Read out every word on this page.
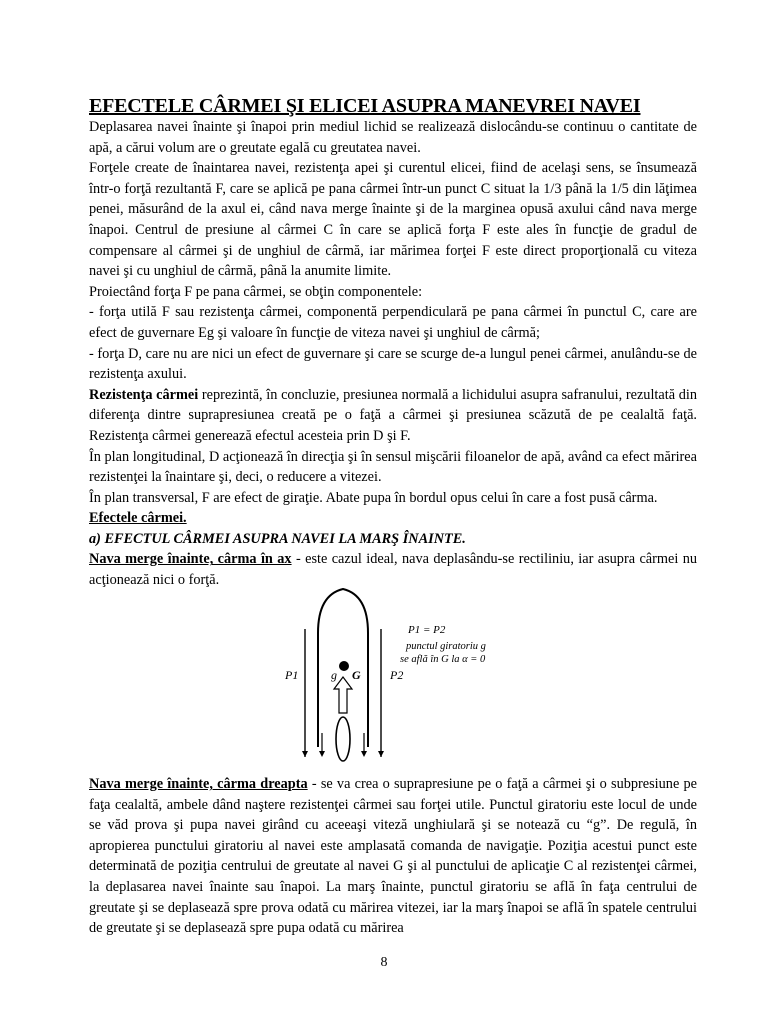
EFECTELE CÂRMEI ŞI ELICEI ASUPRA MANEVREI NAVEI

Deplasarea navei înainte şi înapoi prin mediul lichid se realizează dislocându-se continuu o cantitate de apă, a cărui volum are o greutate egală cu greutatea navei.

Forţele create de înaintarea navei, rezistenţa apei şi curentul elicei, fiind de acelaşi sens, se însumează într-o forţă rezultantă F, care se aplică pe pana cârmei într-un punct C situat la 1/3 până la 1/5 din lăţimea penei, măsurând de la axul ei, când nava merge înainte şi de la marginea opusă axului când nava merge înapoi. Centrul de presiune al cârmei C în care se aplică forţa F este ales în funcţie de gradul de compensare al cârmei şi de unghiul de cârmă, iar mărimea forţei F este direct proporţională cu viteza navei şi cu unghiul de cârmă, până la anumite limite.

Proiectând forţa F pe pana cârmei, se obţin componentele:

- forţa utilă F sau rezistenţa cârmei, componentă perpendiculară pe pana cârmei în punctul C, care are efect de guvernare Eg şi valoare în funcţie de viteza navei şi unghiul de cârmă;

- forţa D, care nu are nici un efect de guvernare şi care se scurge de-a lungul penei cârmei, anulându-se de rezistenţa axului.

Rezistenţa cârmei reprezintă, în concluzie, presiunea normală a lichidului asupra safranului, rezultată din diferenţa dintre suprapresiunea creată pe o faţă a cârmei şi presiunea scăzută de pe cealaltă faţă. Rezistenţa cârmei generează efectul acesteia prin D şi F.

În plan longitudinal, D acţionează în direcţia şi în sensul mişcării filoanelor de apă, având ca efect mărirea rezistenţei la înaintare şi, deci, o reducere a vitezei.

În plan transversal, F are efect de giraţie. Abate pupa în bordul opus celui în care a fost pusă cârma.

Efectele cârmei.

a) EFECTUL CÂRMEI ASUPRA NAVEI LA MARŞ ÎNAINTE.

Nava merge înainte, cârma în ax - este cazul ideal, nava deplasându-se rectiliniu, iar asupra cârmei nu acţionează nici o forţă.

g G
P1	P2
P1 = P2
punctul giratoriu g
se află în G la α = 0

Nava merge înainte, cârma dreapta - se va crea o suprapresiune pe o faţă a cârmei şi o subpresiune pe faţa cealaltă, ambele dând naştere rezistenţei cârmei sau forţei utile. Punctul giratoriu este locul de unde se văd prova şi pupa navei girând cu aceeaşi viteză unghiulară şi se notează cu “g”. De regulă, în apropierea punctului giratoriu al navei este amplasată comanda de navigaţie. Poziţia acestui punct este determinată de poziţia centrului de greutate al navei G şi al punctului de aplicaţie C al rezistenţei cârmei, la deplasarea navei înainte sau înapoi. La marş înainte, punctul giratoriu se află în faţa centrului de greutate şi se deplasează spre prova odată cu mărirea vitezei, iar la marş înapoi se află în spatele centrului de greutate şi se deplasează spre pupa odată cu mărirea

8
